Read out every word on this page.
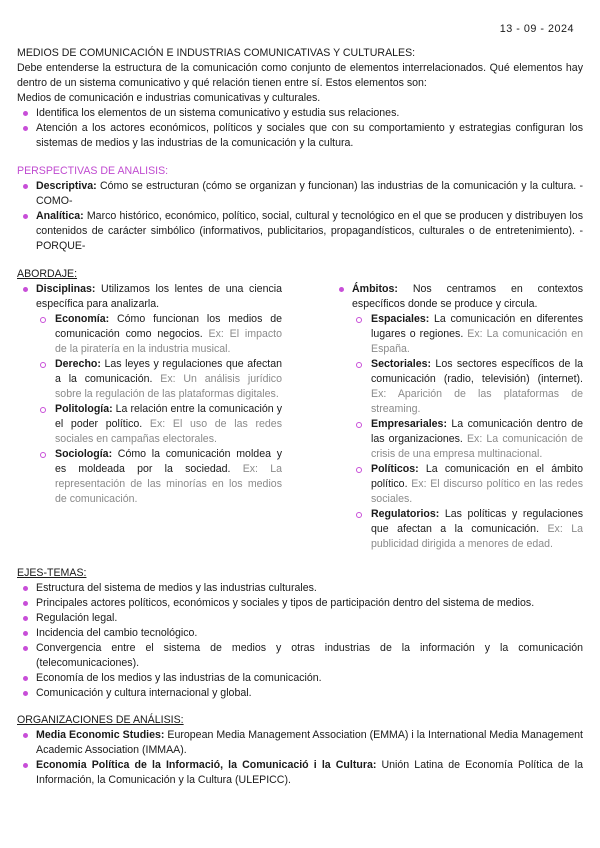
13 - 09 - 2024

MEDIOS DE COMUNICACIÓN E INDUSTRIAS COMUNICATIVAS Y CULTURALES:

Debe entenderse la estructura de la comunicación como conjunto de elementos interrelacionados. Qué elementos hay dentro de un sistema comunicativo y qué relación tienen entre sí. Estos elementos son:

Medios de comunicación e industrias comunicativas y culturales.

Identifica los elementos de un sistema comunicativo y estudia sus relaciones.
Atención a los actores económicos, políticos y sociales que con su comportamiento y estrategias configuran los sistemas de medios y las industrias de la comunicación y la cultura.

PERSPECTIVAS DE ANALISIS:

Descriptiva: Cómo se estructuran (cómo se organizan y funcionan) las industrias de la comunicación y la cultura. -COMO-
Analítica: Marco histórico, económico, político, social, cultural y tecnológico en el que se producen y distribuyen los contenidos de carácter simbólico (informativos, publicitarios, propagandísticos, culturales o de entretenimiento). -PORQUE-

ABORDAJE:

Disciplinas: Utilizamos los lentes de una ciencia específica para analizarla.
Economía: Cómo funcionan los medios de comunicación como negocios. Ex: El impacto de la piratería en la industria musical.
Derecho: Las leyes y regulaciones que afectan a la comunicación. Ex: Un análisis jurídico sobre la regulación de las plataformas digitales.
Politología: La relación entre la comunicación y el poder político. Ex: El uso de las redes sociales en campañas electorales.
Sociología: Cómo la comunicación moldea y es moldeada por la sociedad. Ex: La representación de las minorías en los medios de comunicación.
Ámbitos: Nos centramos en contextos específicos donde se produce y circula.
Espaciales: La comunicación en diferentes lugares o regiones. Ex: La comunicación en España.
Sectoriales: Los sectores específicos de la comunicación (radio, televisión) (internet). Ex: Aparición de las plataformas de streaming.
Empresariales: La comunicación dentro de las organizaciones. Ex: La comunicación de crisis de una empresa multinacional.
Políticos: La comunicación en el ámbito político. Ex: El discurso político en las redes sociales.
Regulatorios: Las políticas y regulaciones que afectan a la comunicación. Ex: La publicidad dirigida a menores de edad.

EJES-TEMAS:

Estructura del sistema de medios y las industrias culturales.
Principales actores políticos, económicos y sociales y tipos de participación dentro del sistema de medios.
Regulación legal.
Incidencia del cambio tecnológico.
Convergencia entre el sistema de medios y otras industrias de la información y la comunicación (telecomunicaciones).
Economía de los medios y las industrias de la comunicación.
Comunicación y cultura internacional y global.

ORGANIZACIONES DE ANÁLISIS:

Media Economic Studies: European Media Management Association (EMMA) i la International Media Management Academic Association (IMMAA).
Economia Política de la Informació, la Comunicació i la Cultura: Unión Latina de Economía Política de la Información, la Comunicación y la Cultura (ULEPICC).
